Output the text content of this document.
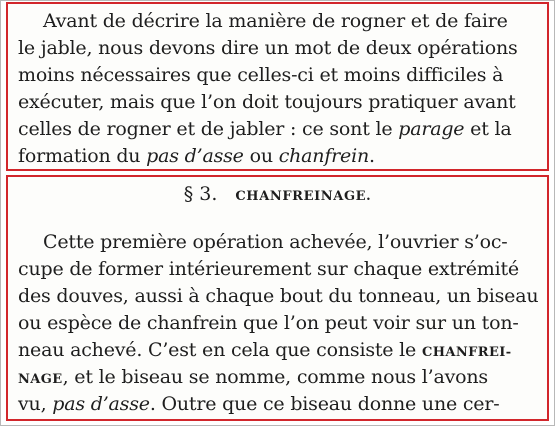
Avant de décrire la manière de rogner et de faire
le jable, nous devons dire un mot de deux opérations
moins nécessaires que celles-ci et moins difficiles à
exécuter, mais que l’on doit toujours pratiquer avant
celles de rogner et de jabler : ce sont le parage et la
formation du pas d’asse ou chanfrein.
§ 3. CHANFREINAGE.
Cette première opération achevée, l’ouvrier s’oc-
cupe de former intérieurement sur chaque extrémité
des douves, aussi à chaque bout du tonneau, un biseau
ou espèce de chanfrein que l’on peut voir sur un ton-
neau achevé. C’est en cela que consiste le CHANFREI-
NAGE, et le biseau se nomme, comme nous l’avons
vu, pas d’asse. Outre que ce biseau donne une cer-
